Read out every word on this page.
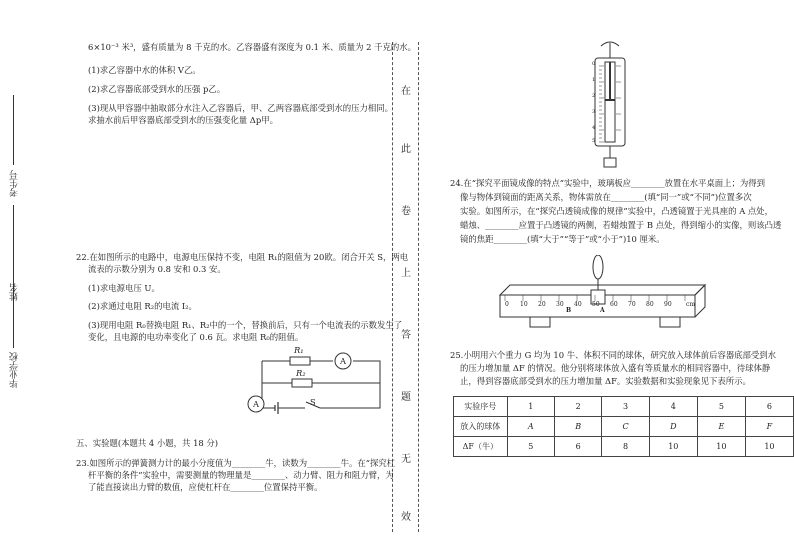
毕业学校
姓名
考生号
在
此
卷
上
答
题
无
效
6×10⁻³ 米³，盛有质量为 8 千克的水。乙容器盛有深度为 0.1 米、质量为 2 千克的水。
(1)求乙容器中水的体积 V乙。
(2)求乙容器底部受到水的压强 p乙。
(3)现从甲容器中抽取部分水注入乙容器后，甲、乙两容器底部受到水的压力相同。
求抽水前后甲容器底部受到水的压强变化量 Δp甲。
22.在如图所示的电路中，电源电压保持不变，电阻 R₁的阻值为 20欧。闭合开关 S，两电
流表的示数分别为 0.8 安和 0.3 安。
(1)求电源电压 U。
(2)求通过电阻 R₂的电流 I₂。
(3)现用电阻 R₀替换电阻 R₁、R₂中的一个，替换前后，只有一个电流表的示数发生了
变化，且电源的电功率变化了 0.6 瓦。求电阻 R₀的阻值。
R₁
R₂
A
A	S
五、实验题(本题共 4 小题，共 18 分)
23.如图所示的弹簧测力计的最小分度值为________牛，读数为________牛。在“探究杠
杆平衡的条件”实验中，需要测量的物理量是________、动力臂、阻力和阻力臂，为
了能直接读出力臂的数值，应使杠杆在________位置保持平衡。
0
1
2
3
4
5
24.在“探究平面镜成像的特点”实验中，玻璃板应________放置在水平桌面上；为得到
像与物体到镜面的距离关系，物体需放在________(填“同一”或“不同”)位置多次
实验。如图所示，在“探究凸透镜成像的规律”实验中，凸透镜置于光具座的 A 点处，
蜡烛、________应置于凸透镜的两侧，若蜡烛置于 B 点处，得到缩小的实像，则该凸透
镜的焦距________(填“大于”“等于”或“小于”)10 厘米。
0 10 20 30 40 50 60 70 80 90 cm
B	A
25.小明用六个重力 G 均为 10 牛、体积不同的球体，研究放入球体前后容器底部受到水
的压力增加量 ΔF 的情况。他分别将球体放入盛有等质量水的相同容器中，待球体静
止，得到容器底部受到水的压力增加量 ΔF。实验数据和实验现象见下表所示。
实验序号	1	2	3	4	5	6
放入的球体	A	B	C	D	E	F
ΔF（牛）	5	6	8	10	10	10
